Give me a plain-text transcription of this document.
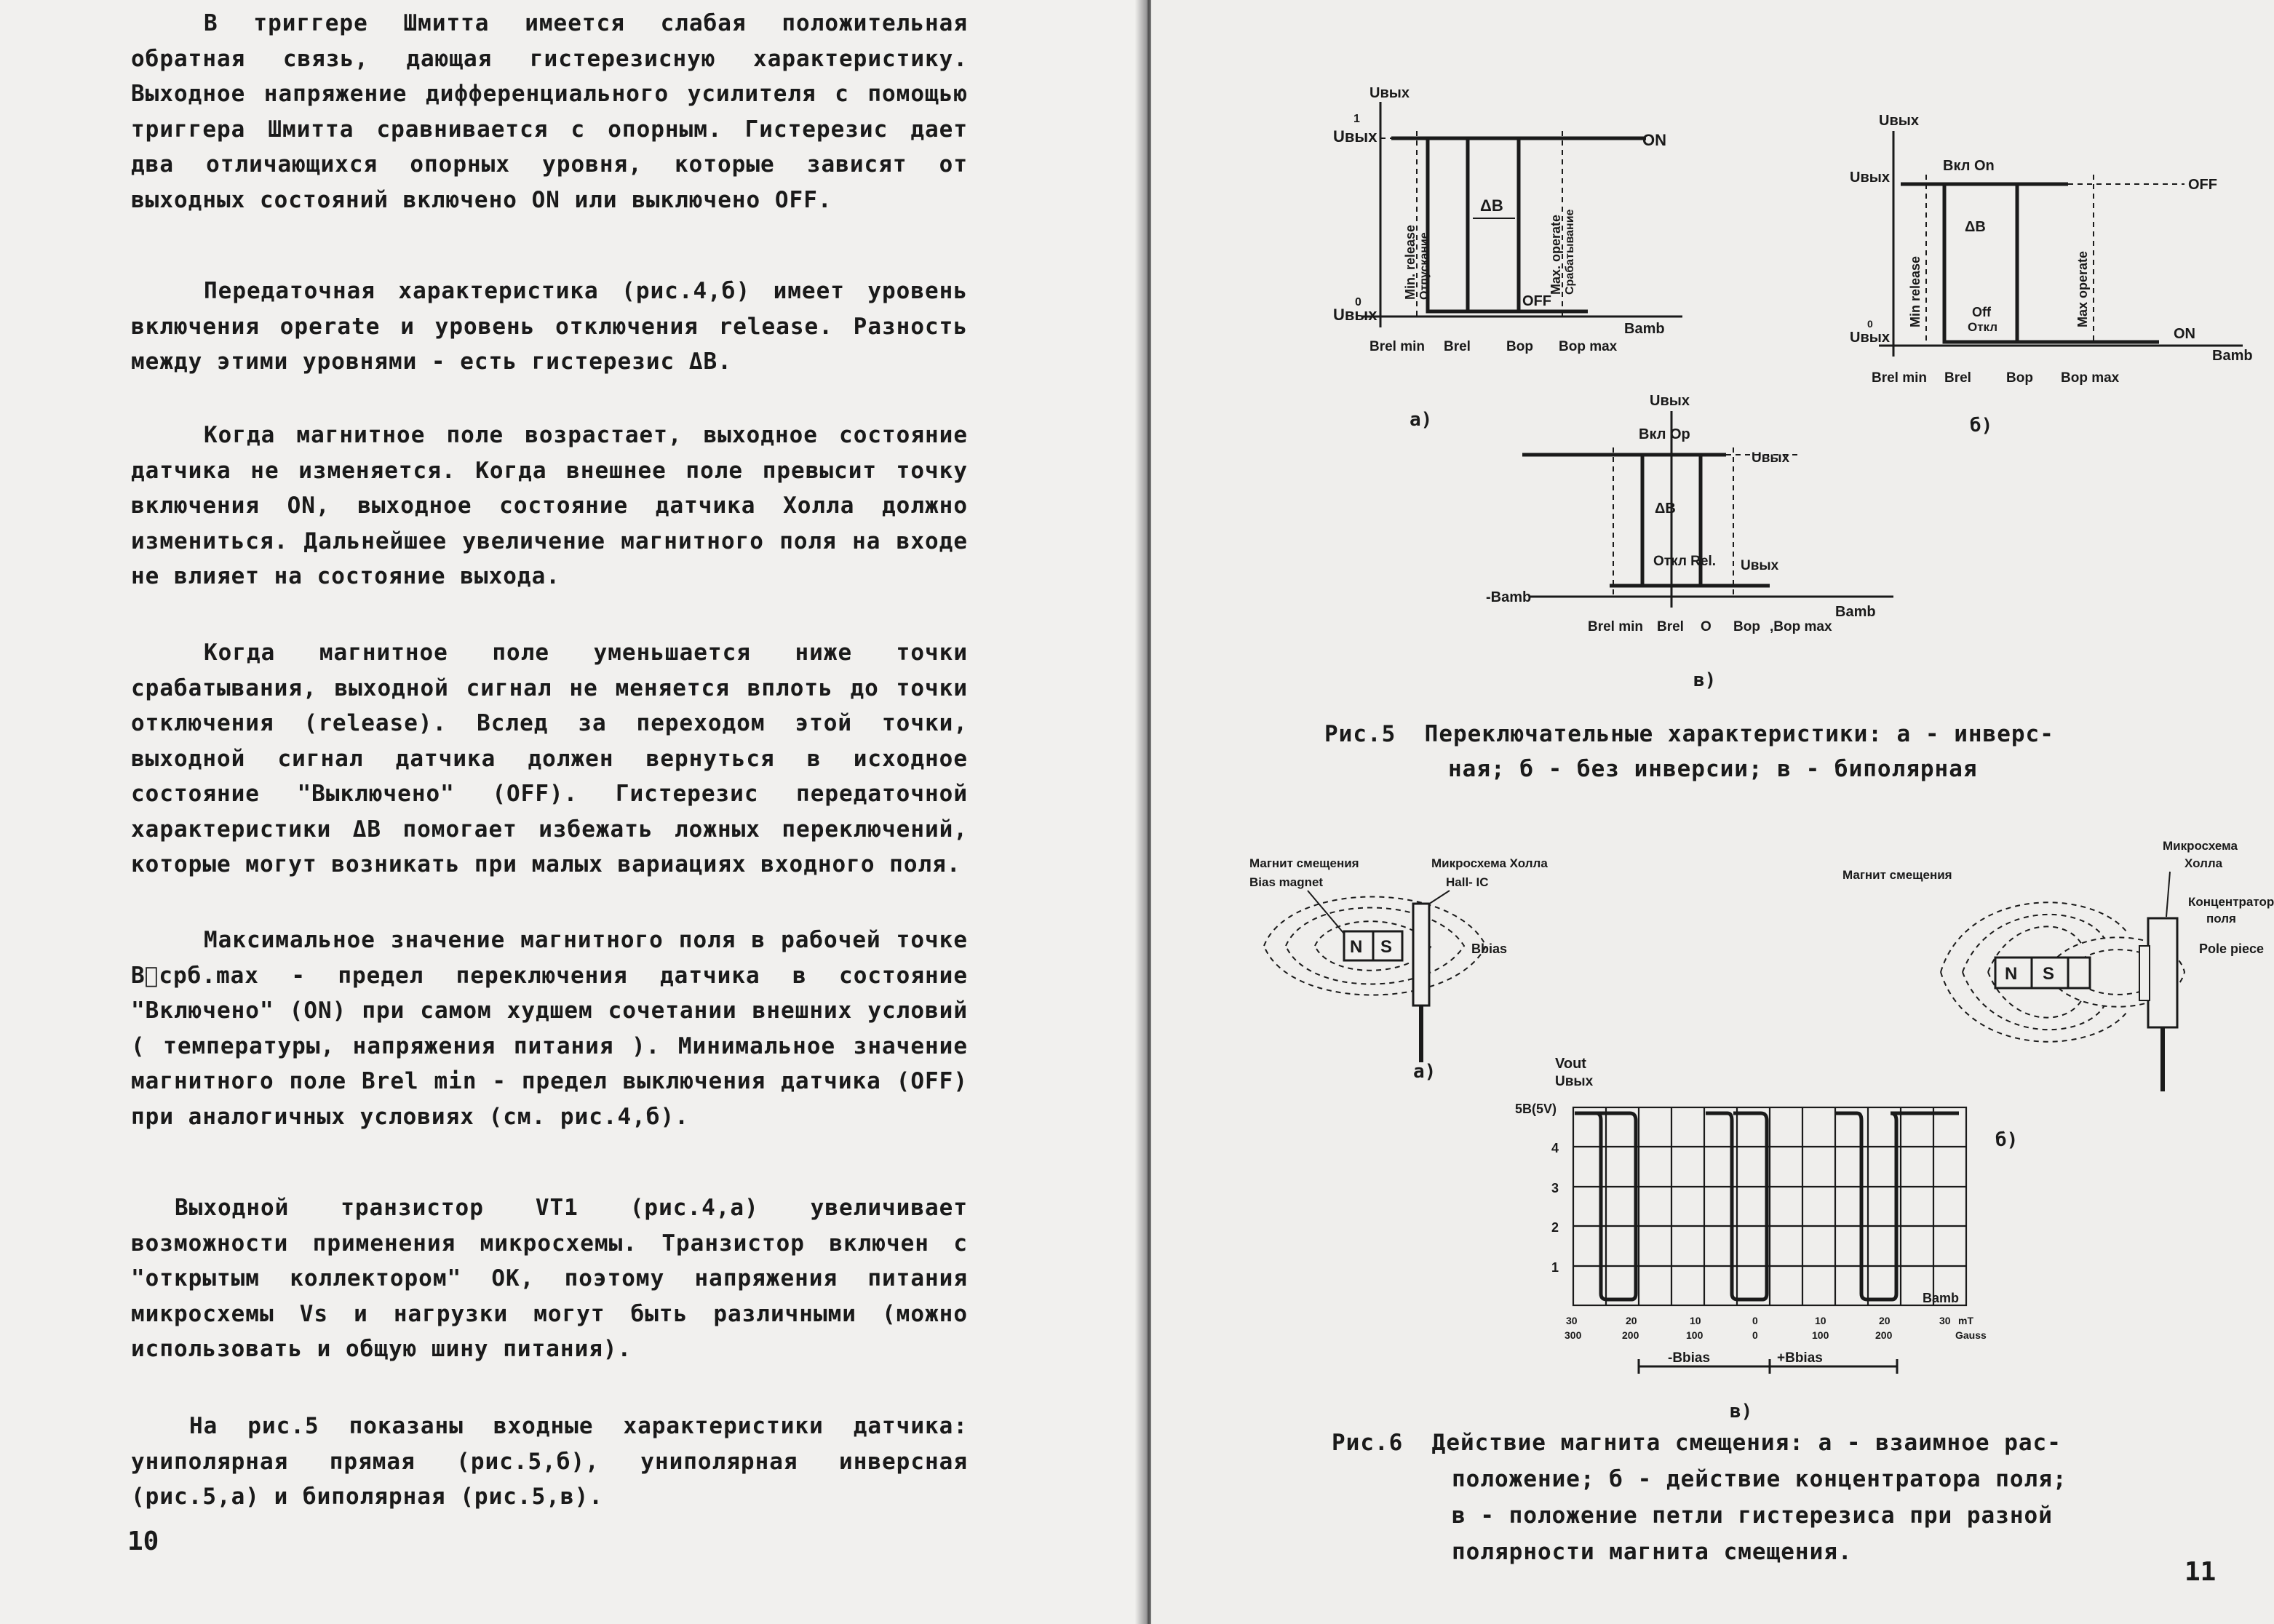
В триггере Шмитта имеется слабая положительная обратная связь, дающая гистерезисную характеристику. Выходное напряжение дифференциального усилителя с помощью триггера Шмитта сравнивается с опорным. Гистерезис дает два отличающихся опорных уровня, которые зависят от выходных состояний включено ON или выключено OFF.
Передаточная характеристика (рис.4,б) имеет уровень включения operate и уровень отключения release. Разность между этими уровнями - есть гистерезис ΔB.
Когда магнитное поле возрастает, выходное состояние датчика не изменяется. Когда внешнее поле превысит точку включения ON, выходное состояние датчика Холла должно измениться. Дальнейшее увеличение магнитного поля на входе не влияет на состояние выхода.
Когда магнитное поле уменьшается ниже точки срабатывания, выходной сигнал не меняется вплоть до точки отключения (release). Вслед за переходом этой точки, выходной сигнал датчика должен вернуться в исходное состояние "Выключено" (OFF). Гистерезис передаточной характеристики ΔB помогает избежать ложных переключений, которые могут возникать при малых вариациях входного поля.
Максимальное значение магнитного поля в рабочей точке B⃗срб.max - предел переключения датчика в состояние "Включено" (ON) при самом худшем сочетании внешних условий ( температуры, напряжения питания ). Минимальное значение магнитного поле Brel min - предел выключения датчика (OFF) при аналогичных условиях (см. рис.4,б).
Выходной транзистор VT1 (рис.4,а) увеличивает возможности применения микросхемы. Транзистор включен с "открытым коллектором" ОК, поэтому напряжения питания микросхемы Vs и нагрузки могут быть различными (можно использовать и общую шину питания).
На рис.5 показаны входные характеристики датчика: униполярная прямая (рис.5,б), униполярная инверсная (рис.5,а) и биполярная (рис.5,в).
10
Uвых
Bamb
1
Uвых
0
Uвых
ON
OFF
ΔB
Min. release Отпускание	Max. operate Срабатывание
Brel min Brel	Bop Bop max
а)
Uвых
Bamb
Uвых
0
Uвых
Вкл On
OFF
ON
ΔB
Off
Откл
Min release	Max operate
Brel min Brel	Bop Bop max
б)
Uвых
-Bamb
Bamb
Вкл Op
Uвых
ΔB
Откл Rel. Uвых
Brel min Brel O Bop ,Bop max
в)
Рис.5 Переключательные характеристики: а - инверс-
ная; б - без инверсии; в - биполярная
Магнит смещения
Bias magnet
Микросхема Холла
Hall- IC
N S	Bbias
а)
Микросхема
Холла
Магнит смещения
Концентратор
поля
Pole piece
N S
б)
Vout
Uвых
5B(5V)
4
3
2
1
30	20	10	0	10	20	30
300	200	100	0	100	200
mT
Gauss
Bamb
-Bbias	+Bbias
в)
Рис.6 Действие магнита смещения: а - взаимное рас-
положение; б - действие концентратора поля;
в - положение петли гистерезиса при разной
полярности магнита смещения.
11
